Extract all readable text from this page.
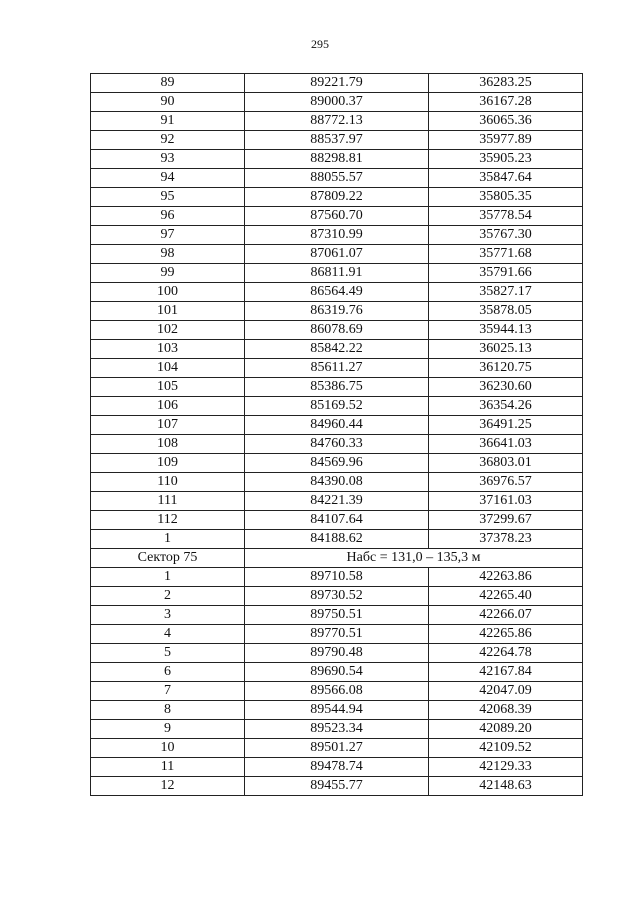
295
89	89221.79	36283.25
90	89000.37	36167.28
91	88772.13	36065.36
92	88537.97	35977.89
93	88298.81	35905.23
94	88055.57	35847.64
95	87809.22	35805.35
96	87560.70	35778.54
97	87310.99	35767.30
98	87061.07	35771.68
99	86811.91	35791.66
100	86564.49	35827.17
101	86319.76	35878.05
102	86078.69	35944.13
103	85842.22	36025.13
104	85611.27	36120.75
105	85386.75	36230.60
106	85169.52	36354.26
107	84960.44	36491.25
108	84760.33	36641.03
109	84569.96	36803.01
110	84390.08	36976.57
111	84221.39	37161.03
112	84107.64	37299.67
1	84188.62	37378.23
Сектор 75	Набс = 131,0 – 135,3 м	
1	89710.58	42263.86
2	89730.52	42265.40
3	89750.51	42266.07
4	89770.51	42265.86
5	89790.48	42264.78
6	89690.54	42167.84
7	89566.08	42047.09
8	89544.94	42068.39
9	89523.34	42089.20
10	89501.27	42109.52
11	89478.74	42129.33
12	89455.77	42148.63
